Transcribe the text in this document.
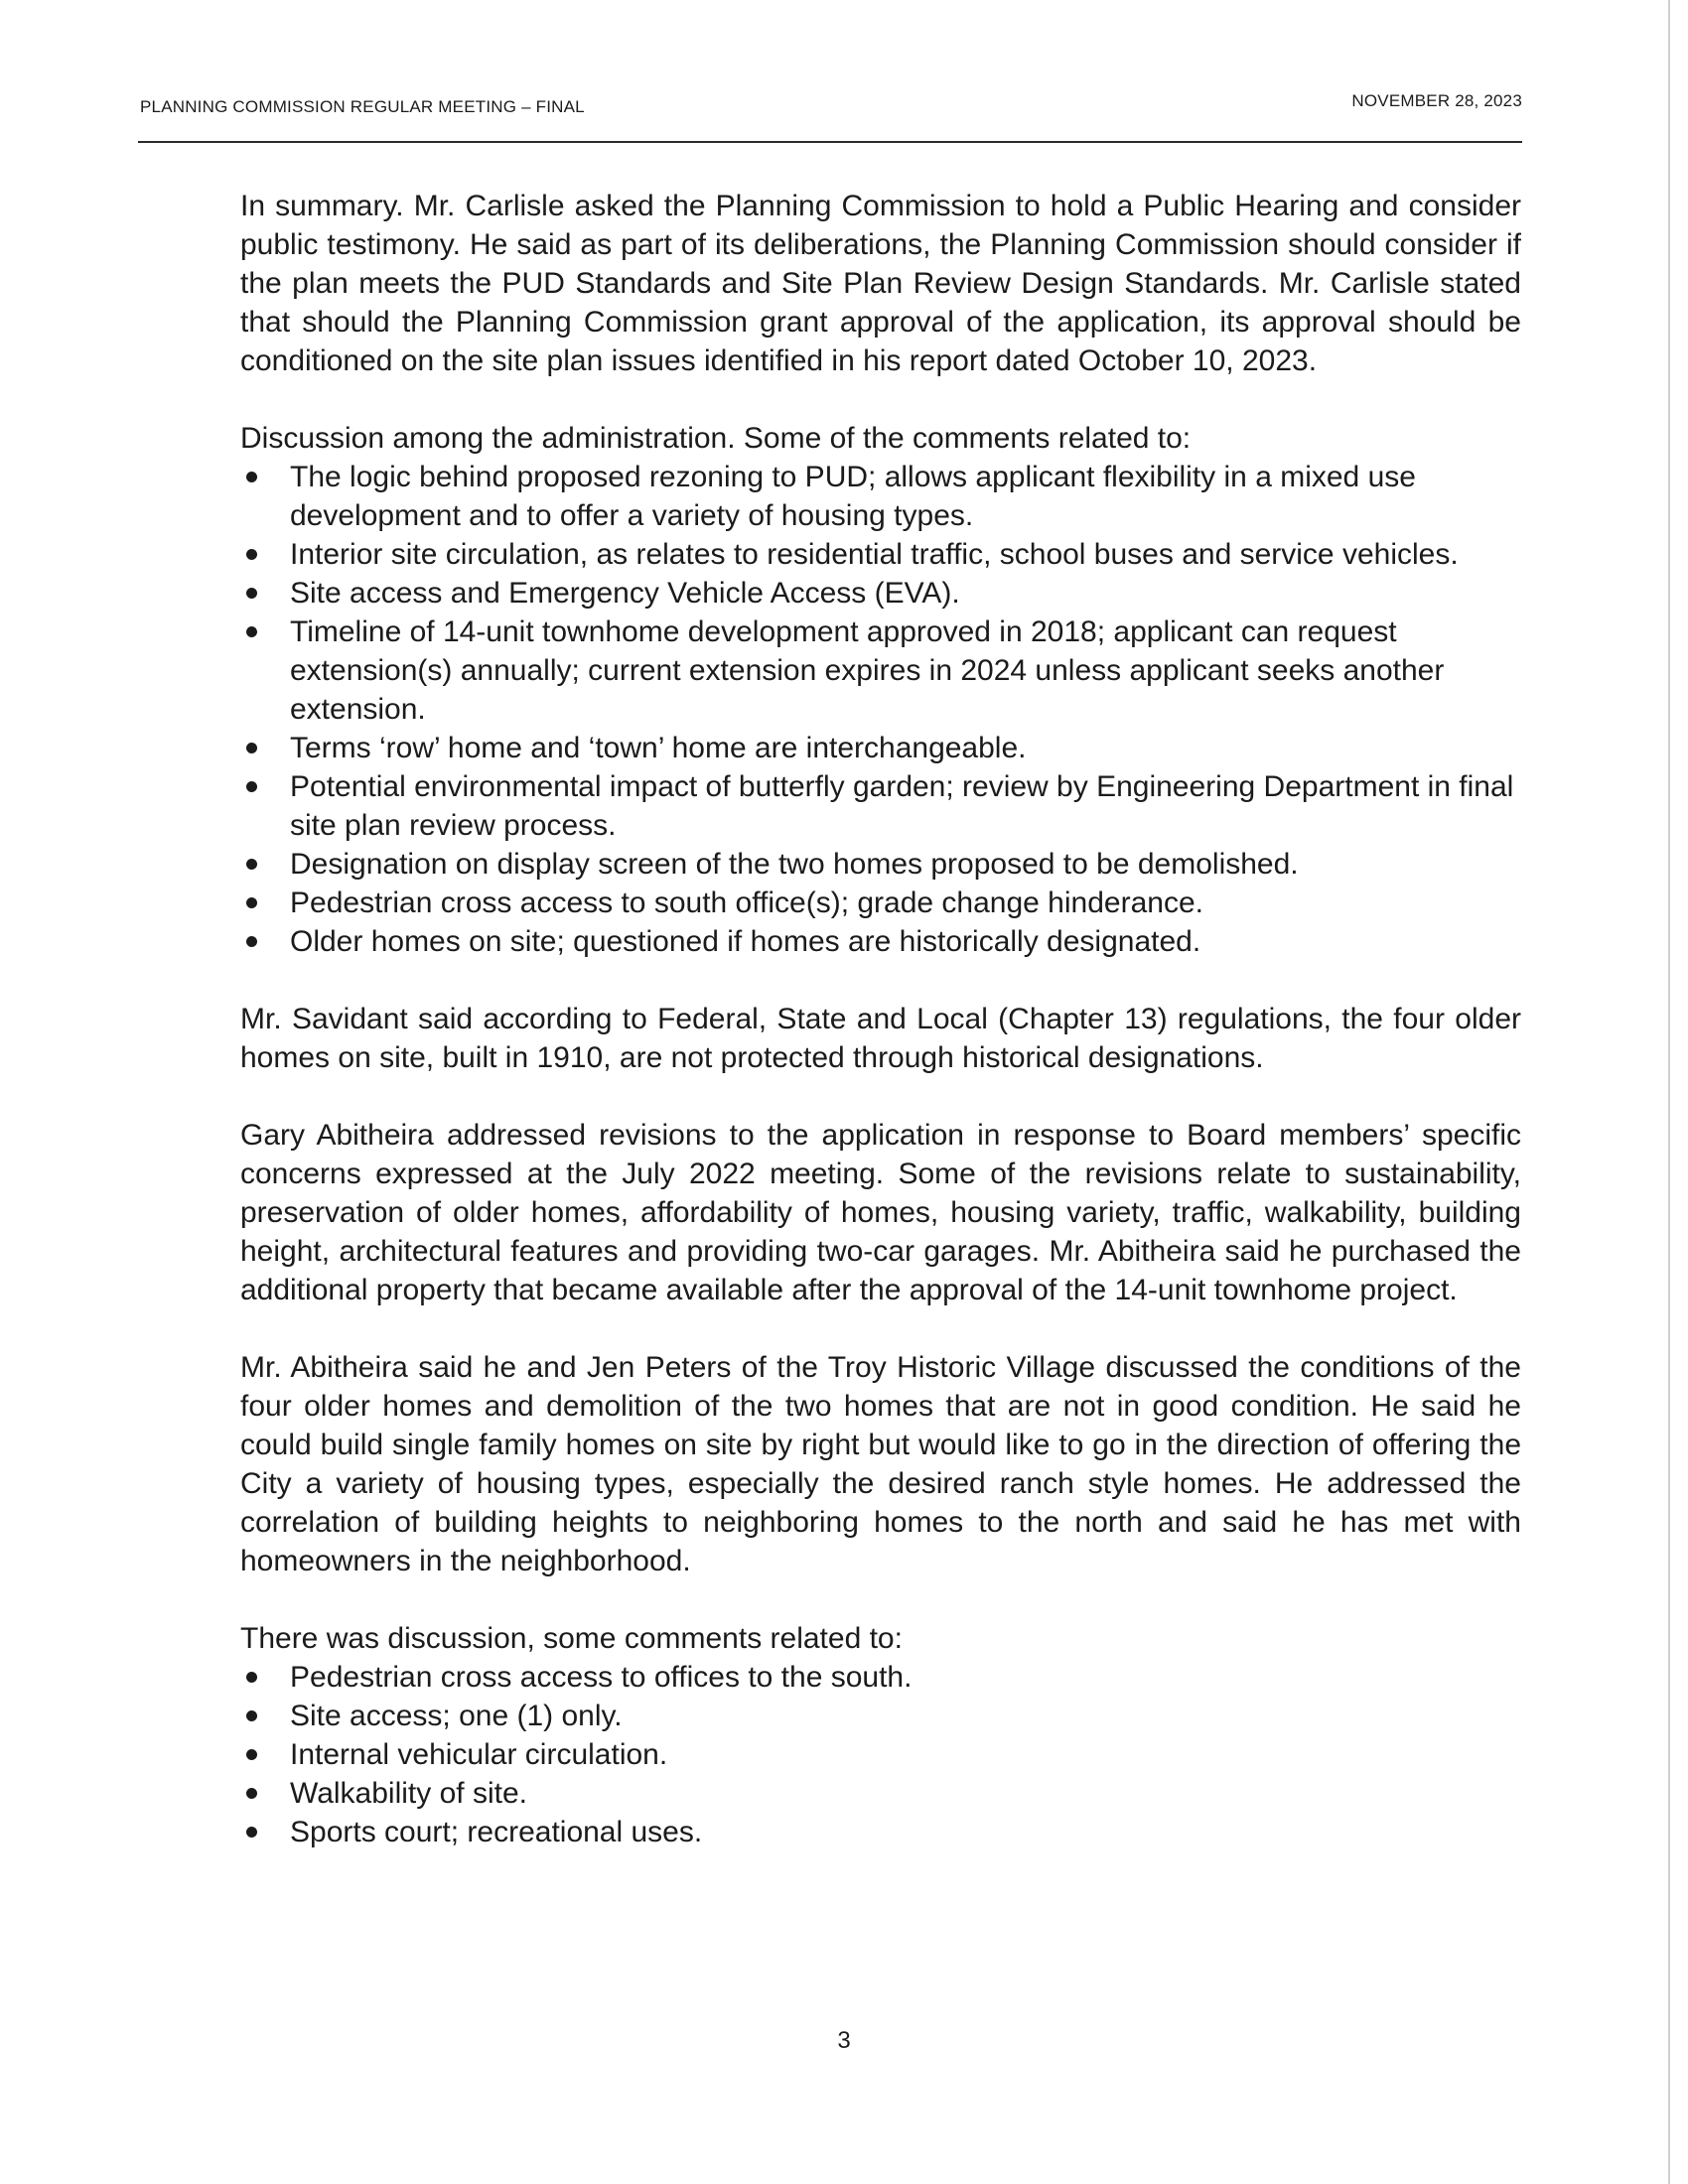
PLANNING COMMISSION REGULAR MEETING – FINAL	NOVEMBER 28, 2023

In summary. Mr. Carlisle asked the Planning Commission to hold a Public Hearing and consider public testimony. He said as part of its deliberations, the Planning Commission should consider if the plan meets the PUD Standards and Site Plan Review Design Standards. Mr. Carlisle stated that should the Planning Commission grant approval of the application, its approval should be conditioned on the site plan issues identified in his report dated October 10, 2023.

Discussion among the administration. Some of the comments related to:

The logic behind proposed rezoning to PUD; allows applicant flexibility in a mixed use development and to offer a variety of housing types.
Interior site circulation, as relates to residential traffic, school buses and service vehicles.
Site access and Emergency Vehicle Access (EVA).
Timeline of 14-unit townhome development approved in 2018; applicant can request extension(s) annually; current extension expires in 2024 unless applicant seeks another extension.
Terms ‘row’ home and ‘town’ home are interchangeable.
Potential environmental impact of butterfly garden; review by Engineering Department in final site plan review process.
Designation on display screen of the two homes proposed to be demolished.
Pedestrian cross access to south office(s); grade change hinderance.
Older homes on site; questioned if homes are historically designated.

Mr. Savidant said according to Federal, State and Local (Chapter 13) regulations, the four older homes on site, built in 1910, are not protected through historical designations.

Gary Abitheira addressed revisions to the application in response to Board members’ specific concerns expressed at the July 2022 meeting. Some of the revisions relate to sustainability, preservation of older homes, affordability of homes, housing variety, traffic, walkability, building height, architectural features and providing two-car garages. Mr. Abitheira said he purchased the additional property that became available after the approval of the 14-unit townhome project.

Mr. Abitheira said he and Jen Peters of the Troy Historic Village discussed the conditions of the four older homes and demolition of the two homes that are not in good condition. He said he could build single family homes on site by right but would like to go in the direction of offering the City a variety of housing types, especially the desired ranch style homes. He addressed the correlation of building heights to neighboring homes to the north and said he has met with homeowners in the neighborhood.

There was discussion, some comments related to:

Pedestrian cross access to offices to the south.
Site access; one (1) only.
Internal vehicular circulation.
Walkability of site.
Sports court; recreational uses.
3
